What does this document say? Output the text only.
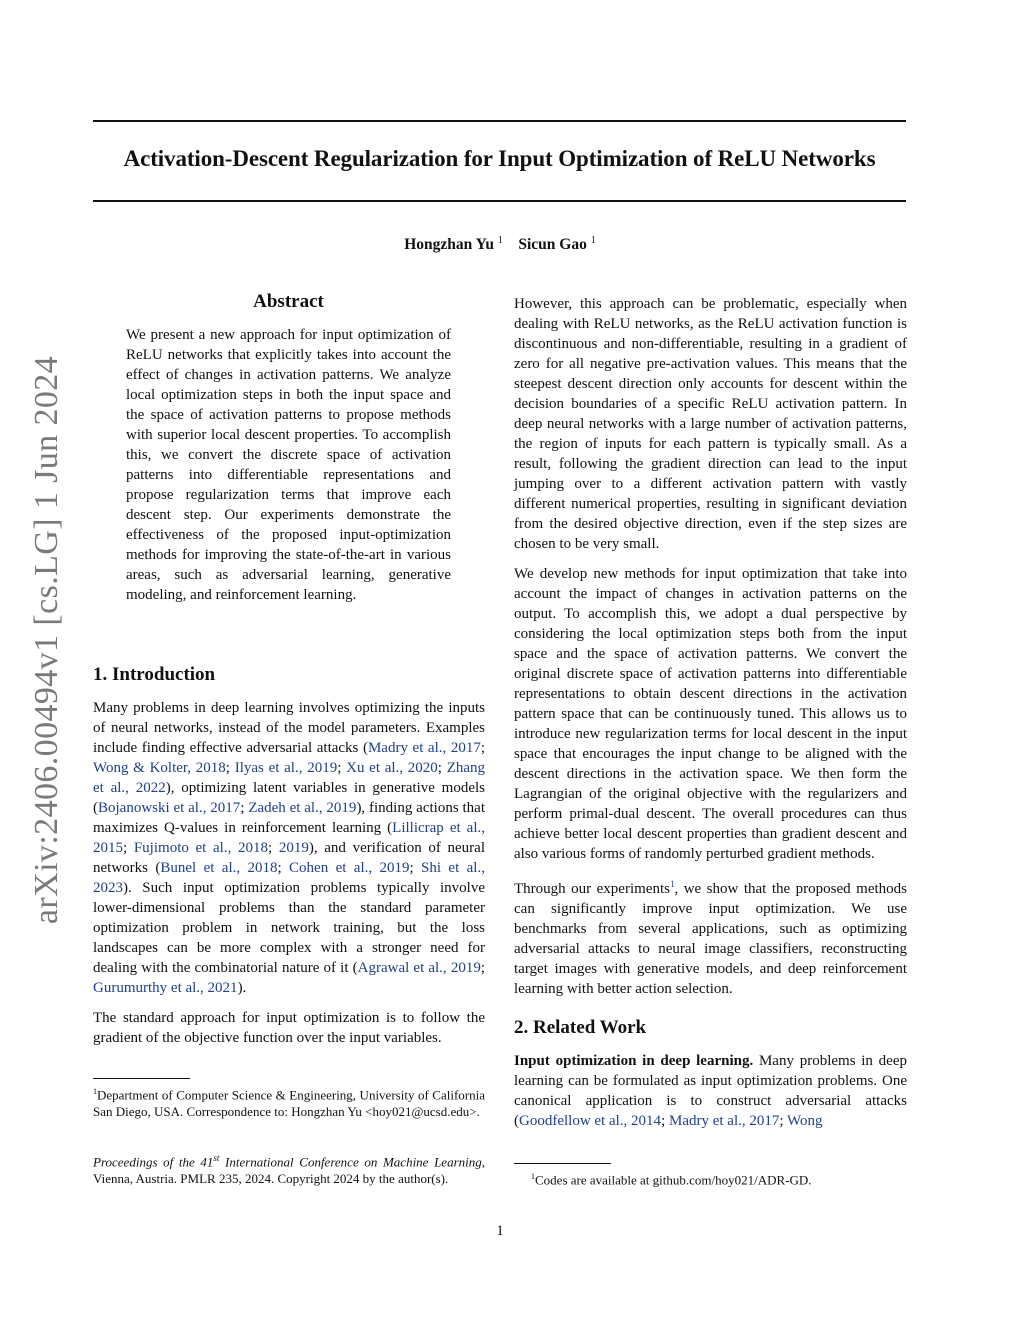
Activation-Descent Regularization for Input Optimization of ReLU Networks
Hongzhan Yu $^1$ Sicun Gao $^1$
arXiv:2406.00494v1 [cs.LG] 1 Jun 2024
Abstract

We present a new approach for input optimization of ReLU networks that explicitly takes into account the effect of changes in activation patterns. We analyze local optimization steps in both the input space and the space of activation patterns to propose methods with superior local descent properties. To accomplish this, we convert the discrete space of activation patterns into differentiable representations and propose regularization terms that improve each descent step. Our experiments demonstrate the effectiveness of the proposed input-optimization methods for improving the state-of-the-art in various areas, such as adversarial learning, generative modeling, and reinforcement learning.

1. Introduction

Many problems in deep learning involves optimizing the inputs of neural networks, instead of the model parameters. Examples include finding effective adversarial attacks (Madry et al., 2017; Wong & Kolter, 2018; Ilyas et al., 2019; Xu et al., 2020; Zhang et al., 2022), optimizing latent variables in generative models (Bojanowski et al., 2017; Zadeh et al., 2019), finding actions that maximizes Q-values in reinforcement learning (Lillicrap et al., 2015; Fujimoto et al., 2018; 2019), and verification of neural networks (Bunel et al., 2018; Cohen et al., 2019; Shi et al., 2023). Such input optimization problems typically involve lower-dimensional problems than the standard parameter optimization problem in network training, but the loss landscapes can be more complex with a stronger need for dealing with the combinatorial nature of it (Agrawal et al., 2019; Gurumurthy et al., 2021).

The standard approach for input optimization is to follow the gradient of the objective function over the input variables.

$^1$Department of Computer Science & Engineering, University of California San Diego, USA. Correspondence to: Hongzhan Yu <hoy021@ucsd.edu>.

Proceedings of the 41st International Conference on Machine Learning, Vienna, Austria. PMLR 235, 2024. Copyright 2024 by the author(s).

However, this approach can be problematic, especially when dealing with ReLU networks, as the ReLU activation function is discontinuous and non-differentiable, resulting in a gradient of zero for all negative pre-activation values. This means that the steepest descent direction only accounts for descent within the decision boundaries of a specific ReLU activation pattern. In deep neural networks with a large number of activation patterns, the region of inputs for each pattern is typically small. As a result, following the gradient direction can lead to the input jumping over to a different activation pattern with vastly different numerical properties, resulting in significant deviation from the desired objective direction, even if the step sizes are chosen to be very small.

We develop new methods for input optimization that take into account the impact of changes in activation patterns on the output. To accomplish this, we adopt a dual perspective by considering the local optimization steps both from the input space and the space of activation patterns. We convert the original discrete space of activation patterns into differentiable representations to obtain descent directions in the activation pattern space that can be continuously tuned. This allows us to introduce new regularization terms for local descent in the input space that encourages the input change to be aligned with the descent directions in the activation space. We then form the Lagrangian of the original objective with the regularizers and perform primal-dual descent. The overall procedures can thus achieve better local descent properties than gradient descent and also various forms of randomly perturbed gradient methods.

Through our experiments$^1$, we show that the proposed methods can significantly improve input optimization. We use benchmarks from several applications, such as optimizing adversarial attacks to neural image classifiers, reconstructing target images with generative models, and deep reinforcement learning with better action selection.

2. Related Work

Input optimization in deep learning. Many problems in deep learning can be formulated as input optimization problems. One canonical application is to construct adversarial attacks (Goodfellow et al., 2014; Madry et al., 2017; Wong

$^1$Codes are available at github.com/hoy021/ADR-GD.

1
